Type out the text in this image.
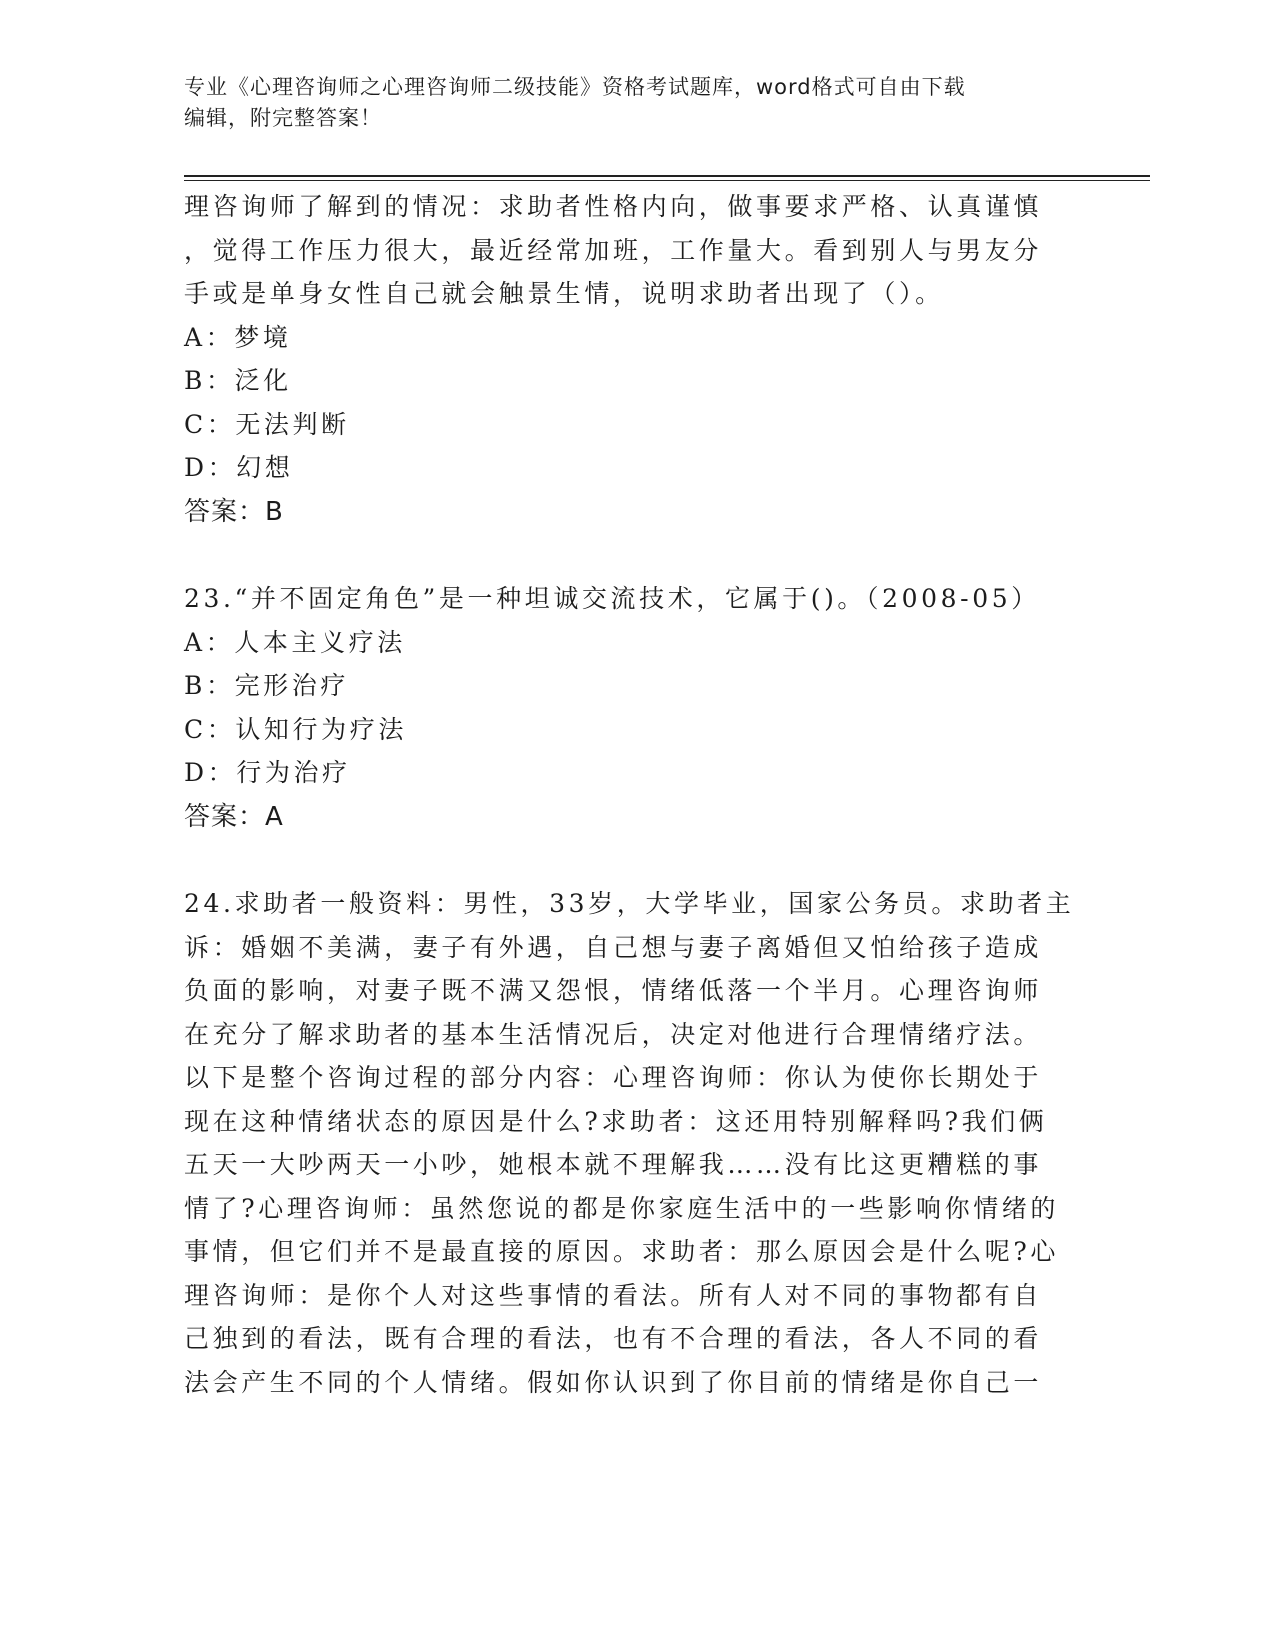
专业《心理咨询师之心理咨询师二级技能》资格考试题库，word格式可自由下载
编辑，附完整答案！
理咨询师了解到的情况：求助者性格内向，做事要求严格、认真谨慎
，觉得工作压力很大，最近经常加班，工作量大。看到别人与男友分
手或是单身女性自己就会触景生情，说明求助者出现了（）。
A：梦境
B：泛化
C：无法判断
D：幻想
答案：B
23.“并不固定角色”是一种坦诚交流技术，它属于()。（2008-05）
A：人本主义疗法
B：完形治疗
C：认知行为疗法
D：行为治疗
答案：A
24.求助者一般资料：男性，33岁，大学毕业，国家公务员。求助者主
诉：婚姻不美满，妻子有外遇，自己想与妻子离婚但又怕给孩子造成
负面的影响，对妻子既不满又怨恨，情绪低落一个半月。心理咨询师
在充分了解求助者的基本生活情况后，决定对他进行合理情绪疗法。
以下是整个咨询过程的部分内容：心理咨询师：你认为使你长期处于
现在这种情绪状态的原因是什么?求助者：这还用特别解释吗?我们俩
五天一大吵两天一小吵，她根本就不理解我……没有比这更糟糕的事
情了?心理咨询师：虽然您说的都是你家庭生活中的一些影响你情绪的
事情，但它们并不是最直接的原因。求助者：那么原因会是什么呢?心
理咨询师：是你个人对这些事情的看法。所有人对不同的事物都有自
己独到的看法，既有合理的看法，也有不合理的看法，各人不同的看
法会产生不同的个人情绪。假如你认识到了你目前的情绪是你自己一
